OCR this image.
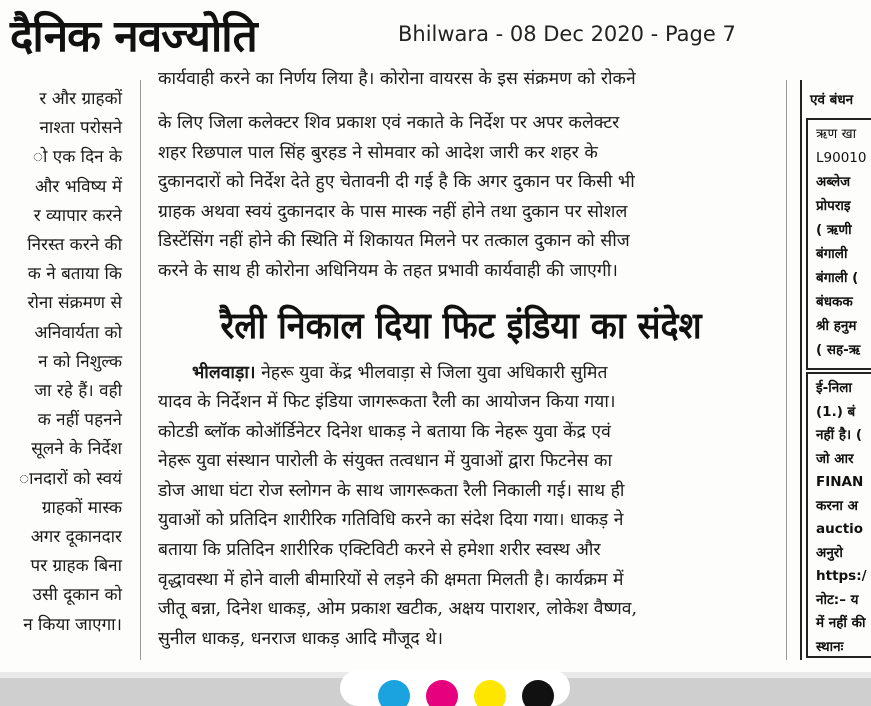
दैनिक नवज्योति	Bhilwara - 08 Dec 2020 - Page 7
र और ग्राहकों
नाश्ता परोसने
ो एक दिन के
और भविष्य में
र व्यापार करने
निरस्त करने की
क ने बताया कि
रोना संक्रमण से
अनिवार्यता को
न को निशुल्क
जा रहे हैं। वही
क नहीं पहनने
सूलने के निर्देश
ानदारों को स्वयं
ग्राहकों मास्क
अगर दूकानदार
पर ग्राहक बिना
उसी दूकान को
न किया जाएगा।
कार्यवाही करने का निर्णय लिया है। कोरोना वायरस के इस संक्रमण को रोकने
के लिए जिला कलेक्टर शिव प्रकाश एवं नकाते के निर्देश पर अपर कलेक्टर
शहर रिछपाल पाल सिंह बुरहड ने सोमवार को आदेश जारी कर शहर के
दुकानदारों को निर्देश देते हुए चेतावनी दी गई है कि अगर दुकान पर किसी भी
ग्राहक अथवा स्वयं दुकानदार के पास मास्क नहीं होने तथा दुकान पर सोशल
डिस्टेंसिंग नहीं होने की स्थिति में शिकायत मिलने पर तत्काल दुकान को सीज
करने के साथ ही कोरोना अधिनियम के तहत प्रभावी कार्यवाही की जाएगी।
रैली निकाल दिया फिट इंडिया का संदेश
भीलवाड़ा। नेहरू युवा केंद्र भीलवाड़ा से जिला युवा अधिकारी सुमित
यादव के निर्देशन में फिट इंडिया जागरूकता रैली का आयोजन किया गया।
कोटडी ब्लॉक कोऑर्डिनेटर दिनेश धाकड़ ने बताया कि नेहरू युवा केंद्र एवं
नेहरू युवा संस्थान पारोली के संयुक्त तत्वधान में युवाओं द्वारा फिटनेस का
डोज आधा घंटा रोज स्लोगन के साथ जागरूकता रैली निकाली गई। साथ ही
युवाओं को प्रतिदिन शारीरिक गतिविधि करने का संदेश दिया गया। धाकड़ ने
बताया कि प्रतिदिन शारीरिक एक्टिविटी करने से हमेशा शरीर स्वस्थ और
वृद्धावस्था में होने वाली बीमारियों से लड़ने की क्षमता मिलती है। कार्यक्रम में
जीतू बन्ना, दिनेश धाकड़, ओम प्रकाश खटीक, अक्षय पाराशर, लोकेश वैष्णव,
सुनील धाकड़, धनराज धाकड़ आदि मौजूद थे।
एवं बंधन
ऋण खा
L90010
अब्लेज
प्रोपराइ
( ऋणी
बंगाली
बंगाली (
बंधकक
श्री हनुम
( सह-ऋ
ई-निला
(1.) बं
नहीं है। (
जो आर
FINAN
करना अ
auctio
अनुरो
https:/
नोट:– य
में नहीं की
स्थानः
